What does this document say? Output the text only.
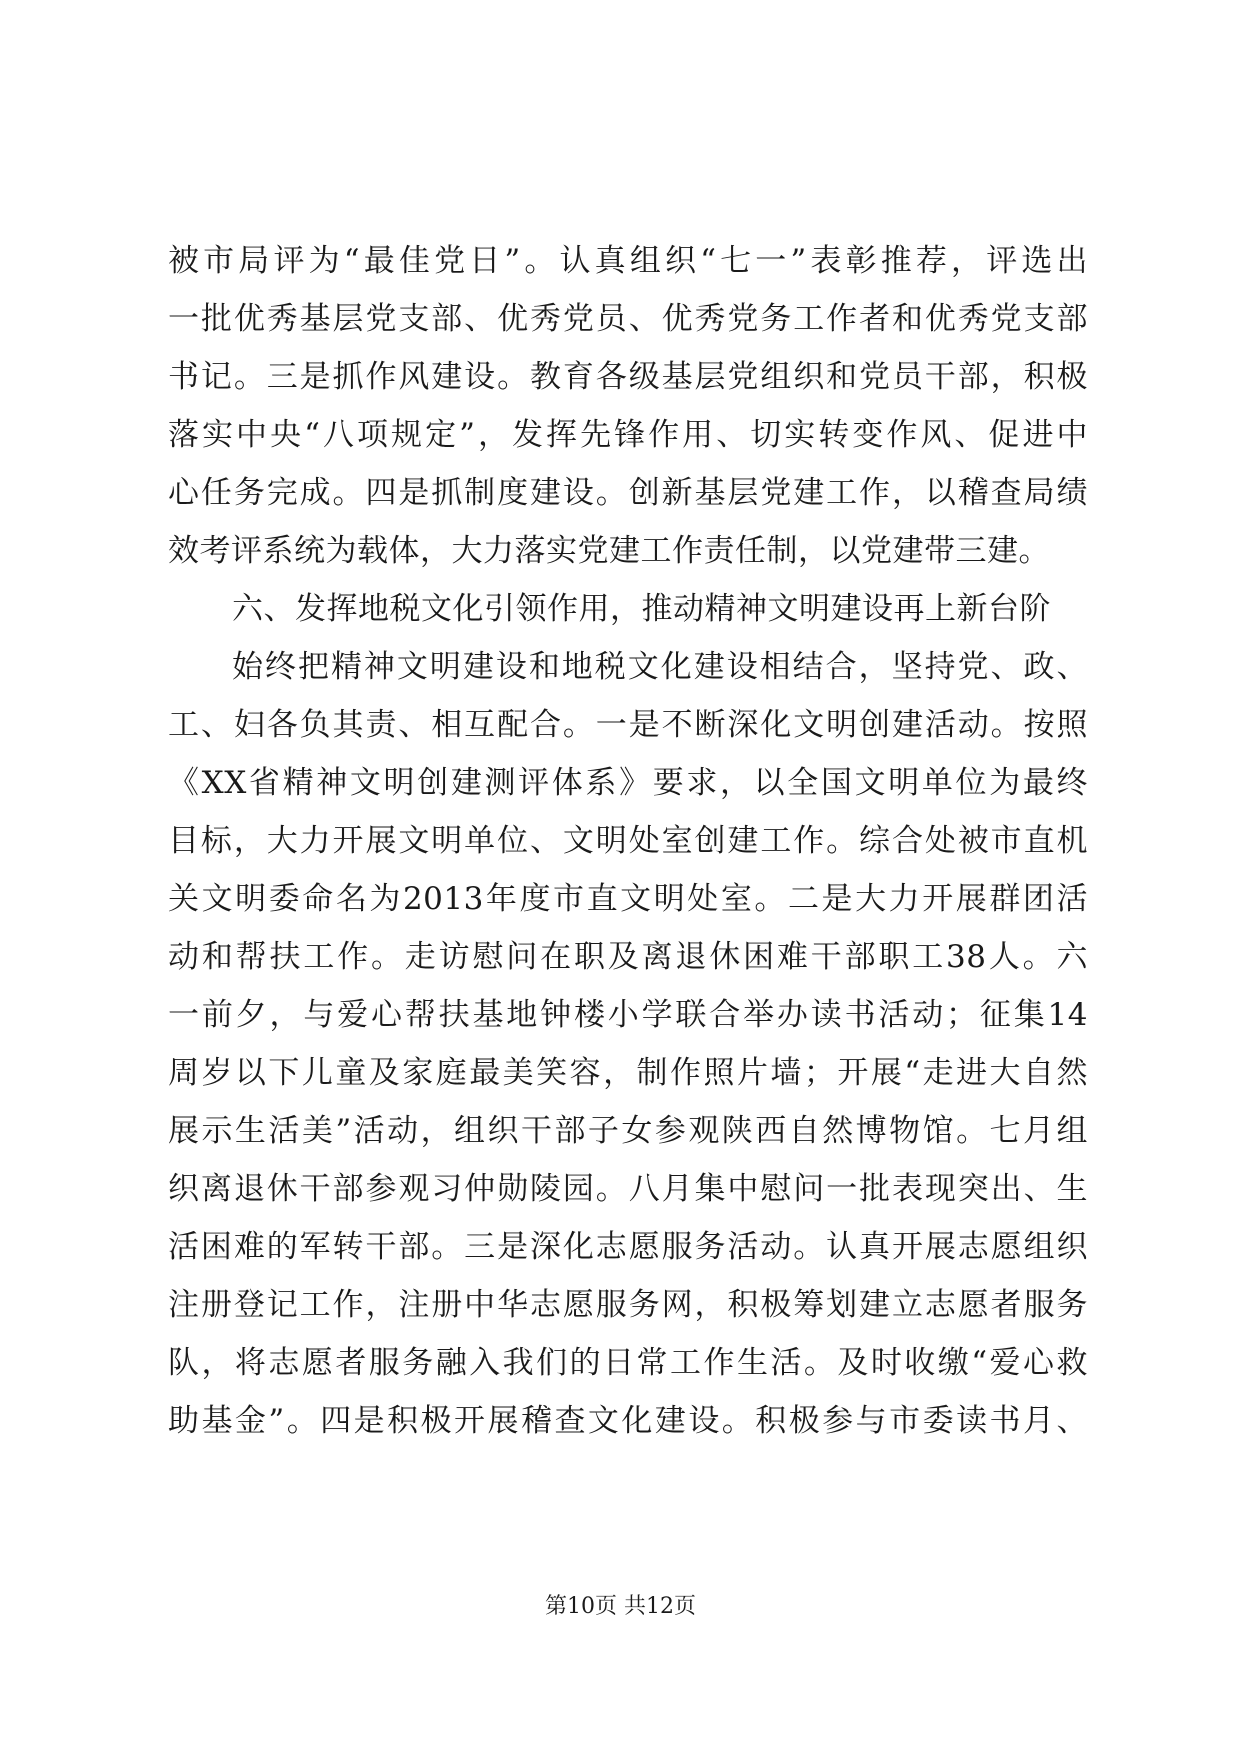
被市局评为“最佳党日”。认真组织“七一”表彰推荐，评选出
一批优秀基层党支部、优秀党员、优秀党务工作者和优秀党支部
书记。三是抓作风建设。教育各级基层党组织和党员干部，积极
落实中央“八项规定”，发挥先锋作用、切实转变作风、促进中
心任务完成。四是抓制度建设。创新基层党建工作，以稽查局绩
效考评系统为载体，大力落实党建工作责任制，以党建带三建。
六、发挥地税文化引领作用，推动精神文明建设再上新台阶
始终把精神文明建设和地税文化建设相结合，坚持党、政、
工、妇各负其责、相互配合。一是不断深化文明创建活动。按照
《XX省精神文明创建测评体系》要求，以全国文明单位为最终
目标，大力开展文明单位、文明处室创建工作。综合处被市直机
关文明委命名为2013年度市直文明处室。二是大力开展群团活
动和帮扶工作。走访慰问在职及离退休困难干部职工38人。六
一前夕，与爱心帮扶基地钟楼小学联合举办读书活动；征集14
周岁以下儿童及家庭最美笑容，制作照片墙；开展“走进大自然
展示生活美”活动，组织干部子女参观陕西自然博物馆。七月组
织离退休干部参观习仲勋陵园。八月集中慰问一批表现突出、生
活困难的军转干部。三是深化志愿服务活动。认真开展志愿组织
注册登记工作，注册中华志愿服务网，积极筹划建立志愿者服务
队，将志愿者服务融入我们的日常工作生活。及时收缴“爱心救
助基金”。四是积极开展稽查文化建设。积极参与市委读书月、
第10页 共12页
